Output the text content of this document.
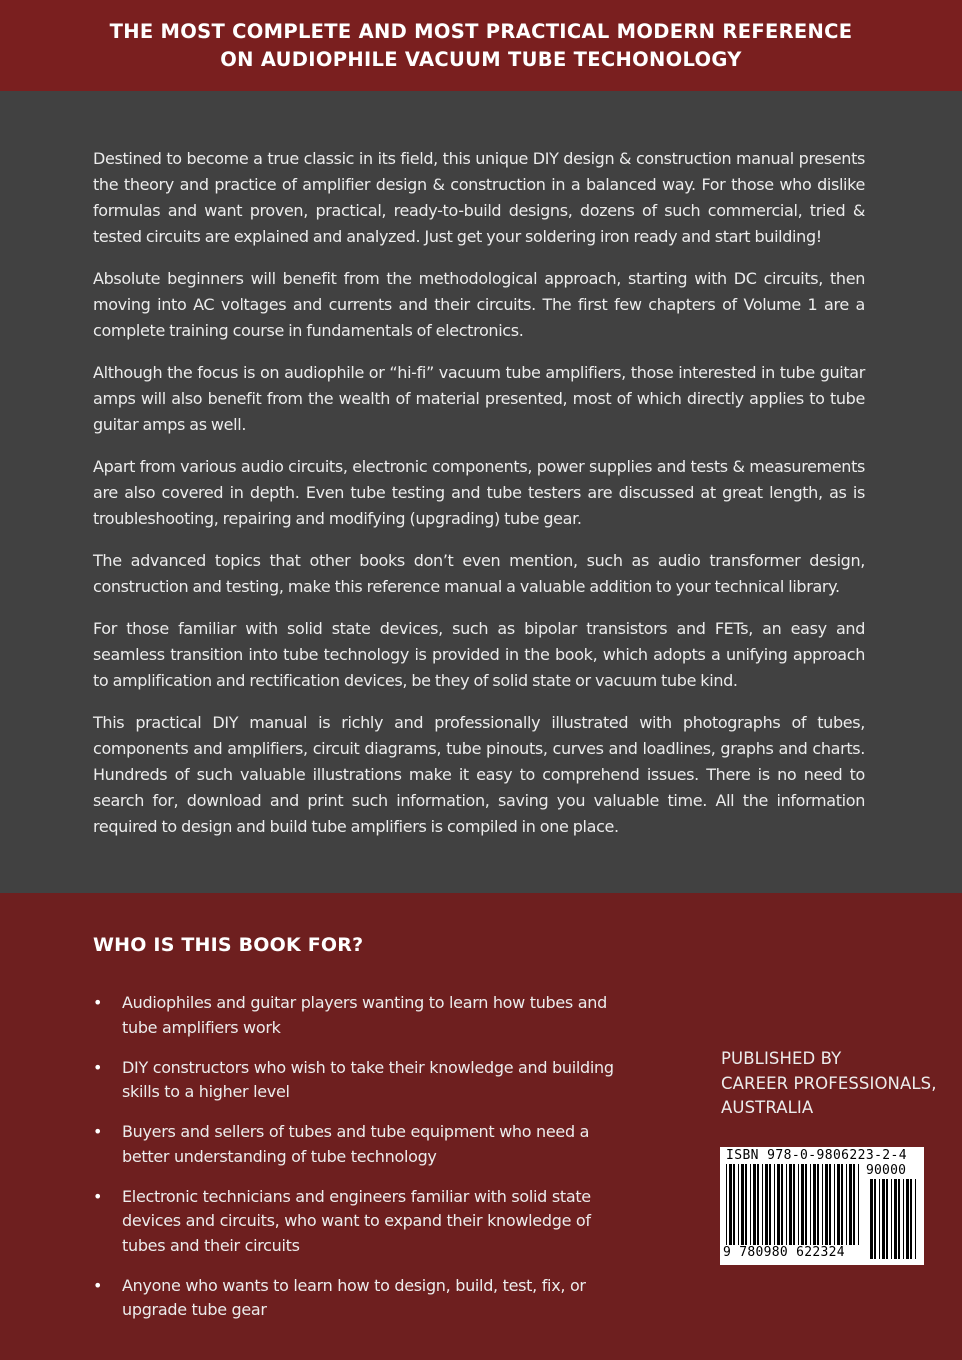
THE MOST COMPLETE AND MOST PRACTICAL MODERN REFERENCE
ON AUDIOPHILE VACUUM TUBE TECHONOLOGY

Destined to become a true classic in its field, this unique DIY design & construction manual presents the theory and practice of amplifier design & construction in a balanced way. For those who dislike formulas and want proven, practical, ready-to-build designs, dozens of such commercial, tried & tested circuits are explained and analyzed. Just get your soldering iron ready and start building!

Absolute beginners will benefit from the methodological approach, starting with DC circuits, then moving into AC voltages and currents and their circuits. The first few chapters of Volume 1 are a complete training course in fundamentals of electronics.

Although the focus is on audiophile or “hi-fi” vacuum tube amplifiers, those interested in tube guitar amps will also benefit from the wealth of material presented, most of which directly applies to tube guitar amps as well.

Apart from various audio circuits, electronic components, power supplies and tests & measurements are also covered in depth. Even tube testing and tube testers are discussed at great length, as is troubleshooting, repairing and modifying (upgrading) tube gear.

The advanced topics that other books don’t even mention, such as audio transformer design, construction and testing, make this reference manual a valuable addition to your technical library.

For those familiar with solid state devices, such as bipolar transistors and FETs, an easy and seamless transition into tube technology is provided in the book, which adopts a unifying approach to amplification and rectification devices, be they of solid state or vacuum tube kind.

This practical DIY manual is richly and professionally illustrated with photographs of tubes, components and amplifiers, circuit diagrams, tube pinouts, curves and loadlines, graphs and charts. Hundreds of such valuable illustrations make it easy to comprehend issues. There is no need to search for, download and print such information, saving you valuable time. All the information required to design and build tube amplifiers is compiled in one place.

WHO IS THIS BOOK FOR?
• Audiophiles and guitar players wanting to learn how tubes and tube amplifiers work
• DIY constructors who wish to take their knowledge and building skills to a higher level
• Buyers and sellers of tubes and tube equipment who need a better understanding of tube technology
• Electronic technicians and engineers familiar with solid state devices and circuits, who want to expand their knowledge of tubes and their circuits
• Anyone who wants to learn how to design, build, test, fix, or upgrade tube gear
PUBLISHED BY
CAREER PROFESSIONALS,
AUSTRALIA
ISBN 978-0-9806223-2-4
90000
9 780980 622324
